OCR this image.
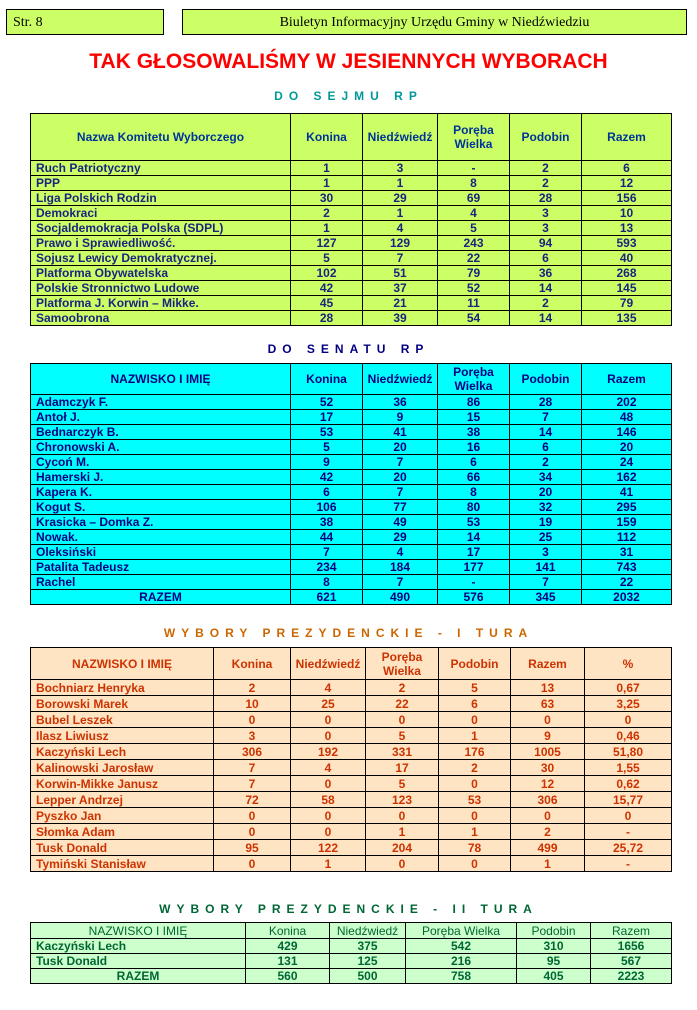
Str. 8	Biuletyn Informacyjny Urzędu Gminy w Niedźwiedziu
TAK GŁOSOWALIŚMY W JESIENNYCH WYBORACH
DO SEJMU RP
Nazwa Komitetu Wyborczego	Konina	Niedźwiedź	Poręba Wielka	Podobin	Razem
Ruch Patriotyczny	1	3	-	2	6
PPP	1	1	8	2	12
Liga Polskich Rodzin	30	29	69	28	156
Demokraci	2	1	4	3	10
Socjaldemokracja Polska (SDPL)	1	4	5	3	13
Prawo i Sprawiedliwość.	127	129	243	94	593
Sojusz Lewicy Demokratycznej.	5	7	22	6	40
Platforma Obywatelska	102	51	79	36	268
Polskie Stronnictwo Ludowe	42	37	52	14	145
Platforma J. Korwin – Mikke.	45	21	11	2	79
Samoobrona	28	39	54	14	135
DO SENATU RP
NAZWISKO I IMIĘ	Konina	Niedźwiedź	Poręba Wielka	Podobin	Razem
Adamczyk F.	52	36	86	28	202
Antoł J.	17	9	15	7	48
Bednarczyk B.	53	41	38	14	146
Chronowski A.	5	20	16	6	20
Cycoń M.	9	7	6	2	24
Hamerski J.	42	20	66	34	162
Kapera K.	6	7	8	20	41
Kogut S.	106	77	80	32	295
Krasicka – Domka Z.	38	49	53	19	159
Nowak.	44	29	14	25	112
Oleksiński	7	4	17	3	31
Patalita Tadeusz	234	184	177	141	743
Rachel	8	7	-	7	22
RAZEM	621	490	576	345	2032
WYBORY PREZYDENCKIE - I TURA
NAZWISKO I IMIĘ	Konina	Niedźwiedź	Poręba Wielka	Podobin	Razem	%
Bochniarz Henryka	2	4	2	5	13	0,67
Borowski Marek	10	25	22	6	63	3,25
Bubel Leszek	0	0	0	0	0	0
Ilasz Liwiusz	3	0	5	1	9	0,46
Kaczyński Lech	306	192	331	176	1005	51,80
Kalinowski Jarosław	7	4	17	2	30	1,55
Korwin-Mikke Janusz	7	0	5	0	12	0,62
Lepper Andrzej	72	58	123	53	306	15,77
Pyszko Jan	0	0	0	0	0	0
Słomka Adam	0	0	1	1	2	-
Tusk Donald	95	122	204	78	499	25,72
Tymiński Stanisław	0	1	0	0	1	-
WYBORY PREZYDENCKIE - II TURA
NAZWISKO I IMIĘ	Konina	Niedźwiedź	Poręba Wielka	Podobin	Razem
Kaczyński Lech	429	375	542	310	1656
Tusk Donald	131	125	216	95	567
RAZEM	560	500	758	405	2223
